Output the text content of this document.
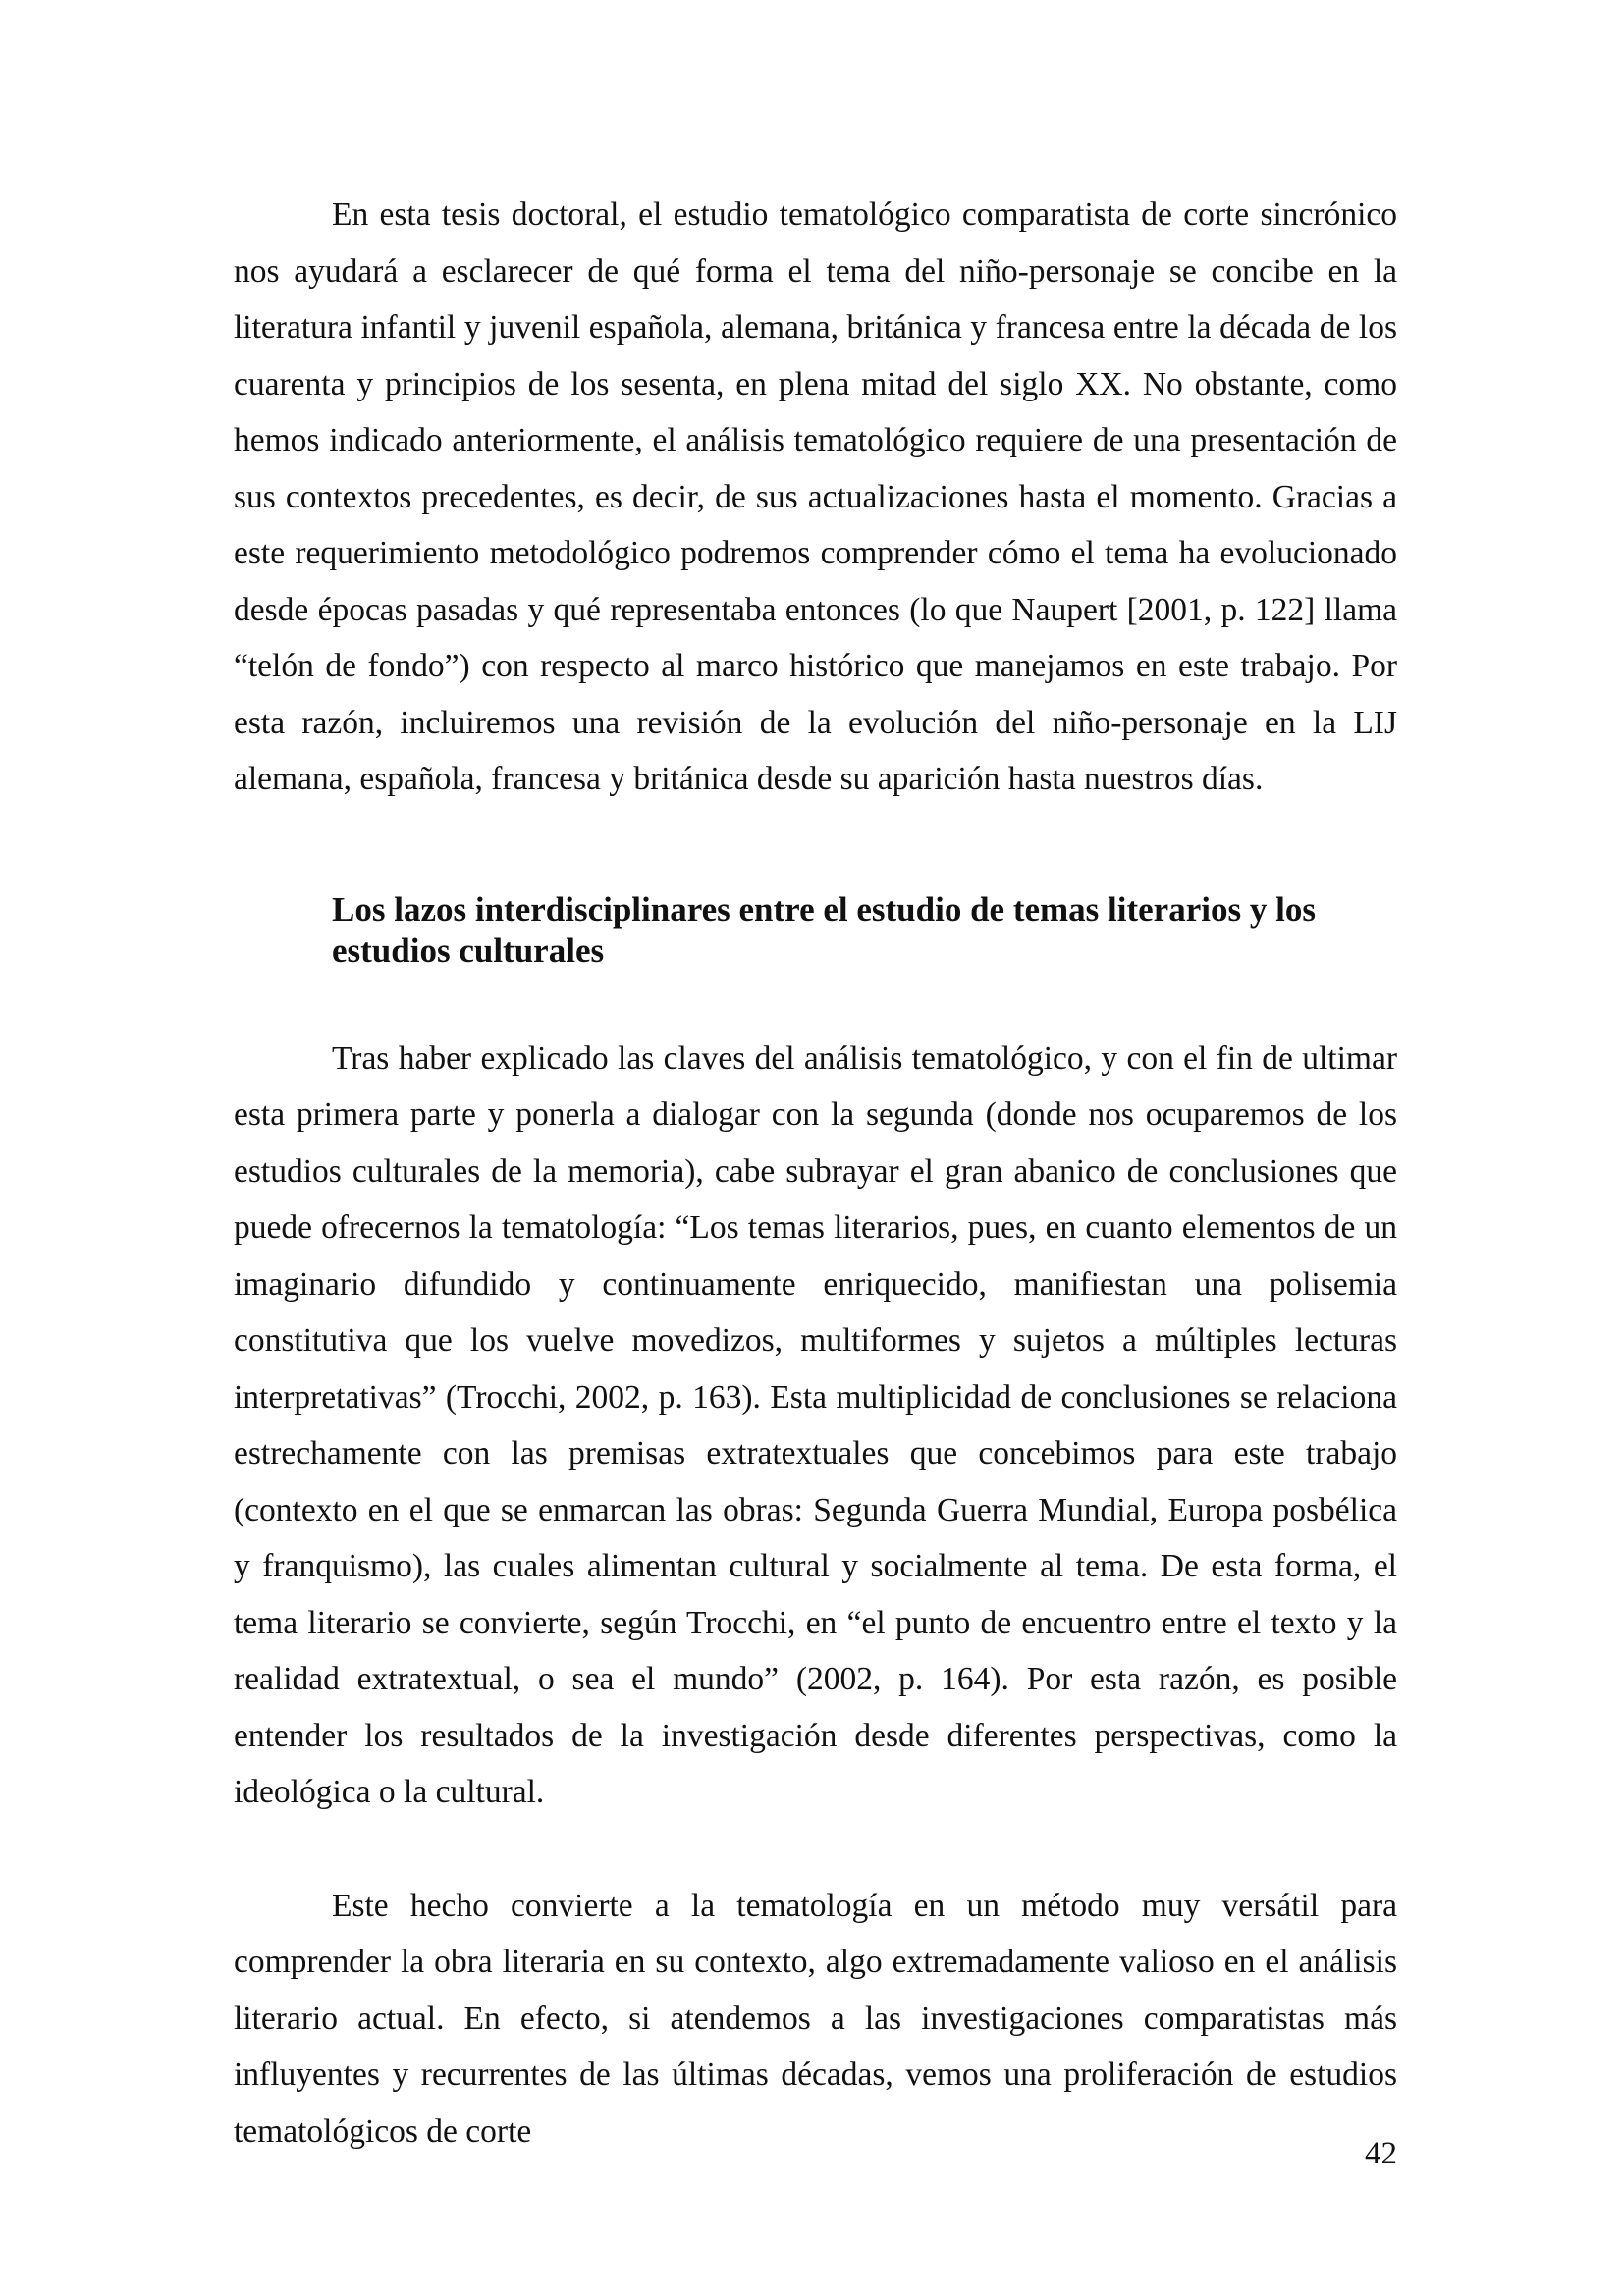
En esta tesis doctoral, el estudio tematológico comparatista de corte sincrónico nos ayudará a esclarecer de qué forma el tema del niño-personaje se concibe en la literatura infantil y juvenil española, alemana, británica y francesa entre la década de los cuarenta y principios de los sesenta, en plena mitad del siglo XX. No obstante, como hemos indicado anteriormente, el análisis tematológico requiere de una presentación de sus contextos precedentes, es decir, de sus actualizaciones hasta el momento. Gracias a este requerimiento metodológico podremos comprender cómo el tema ha evolucionado desde épocas pasadas y qué representaba entonces (lo que Naupert [2001, p. 122] llama “telón de fondo”) con respecto al marco histórico que manejamos en este trabajo. Por esta razón, incluiremos una revisión de la evolución del niño-personaje en la LIJ alemana, española, francesa y británica desde su aparición hasta nuestros días.

Los lazos interdisciplinares entre el estudio de temas literarios y los estudios culturales

Tras haber explicado las claves del análisis tematológico, y con el fin de ultimar esta primera parte y ponerla a dialogar con la segunda (donde nos ocuparemos de los estudios culturales de la memoria), cabe subrayar el gran abanico de conclusiones que puede ofrecernos la tematología: “Los temas literarios, pues, en cuanto elementos de un imaginario difundido y continuamente enriquecido, manifiestan una polisemia constitutiva que los vuelve movedizos, multiformes y sujetos a múltiples lecturas interpretativas” (Trocchi, 2002, p. 163). Esta multiplicidad de conclusiones se relaciona estrechamente con las premisas extratextuales que concebimos para este trabajo (contexto en el que se enmarcan las obras: Segunda Guerra Mundial, Europa posbélica y franquismo), las cuales alimentan cultural y socialmente al tema. De esta forma, el tema literario se convierte, según Trocchi, en “el punto de encuentro entre el texto y la realidad extratextual, o sea el mundo” (2002, p. 164). Por esta razón, es posible entender los resultados de la investigación desde diferentes perspectivas, como la ideológica o la cultural.

Este hecho convierte a la tematología en un método muy versátil para comprender la obra literaria en su contexto, algo extremadamente valioso en el análisis literario actual. En efecto, si atendemos a las investigaciones comparatistas más influyentes y recurrentes de las últimas décadas, vemos una proliferación de estudios tematológicos de corte

42
